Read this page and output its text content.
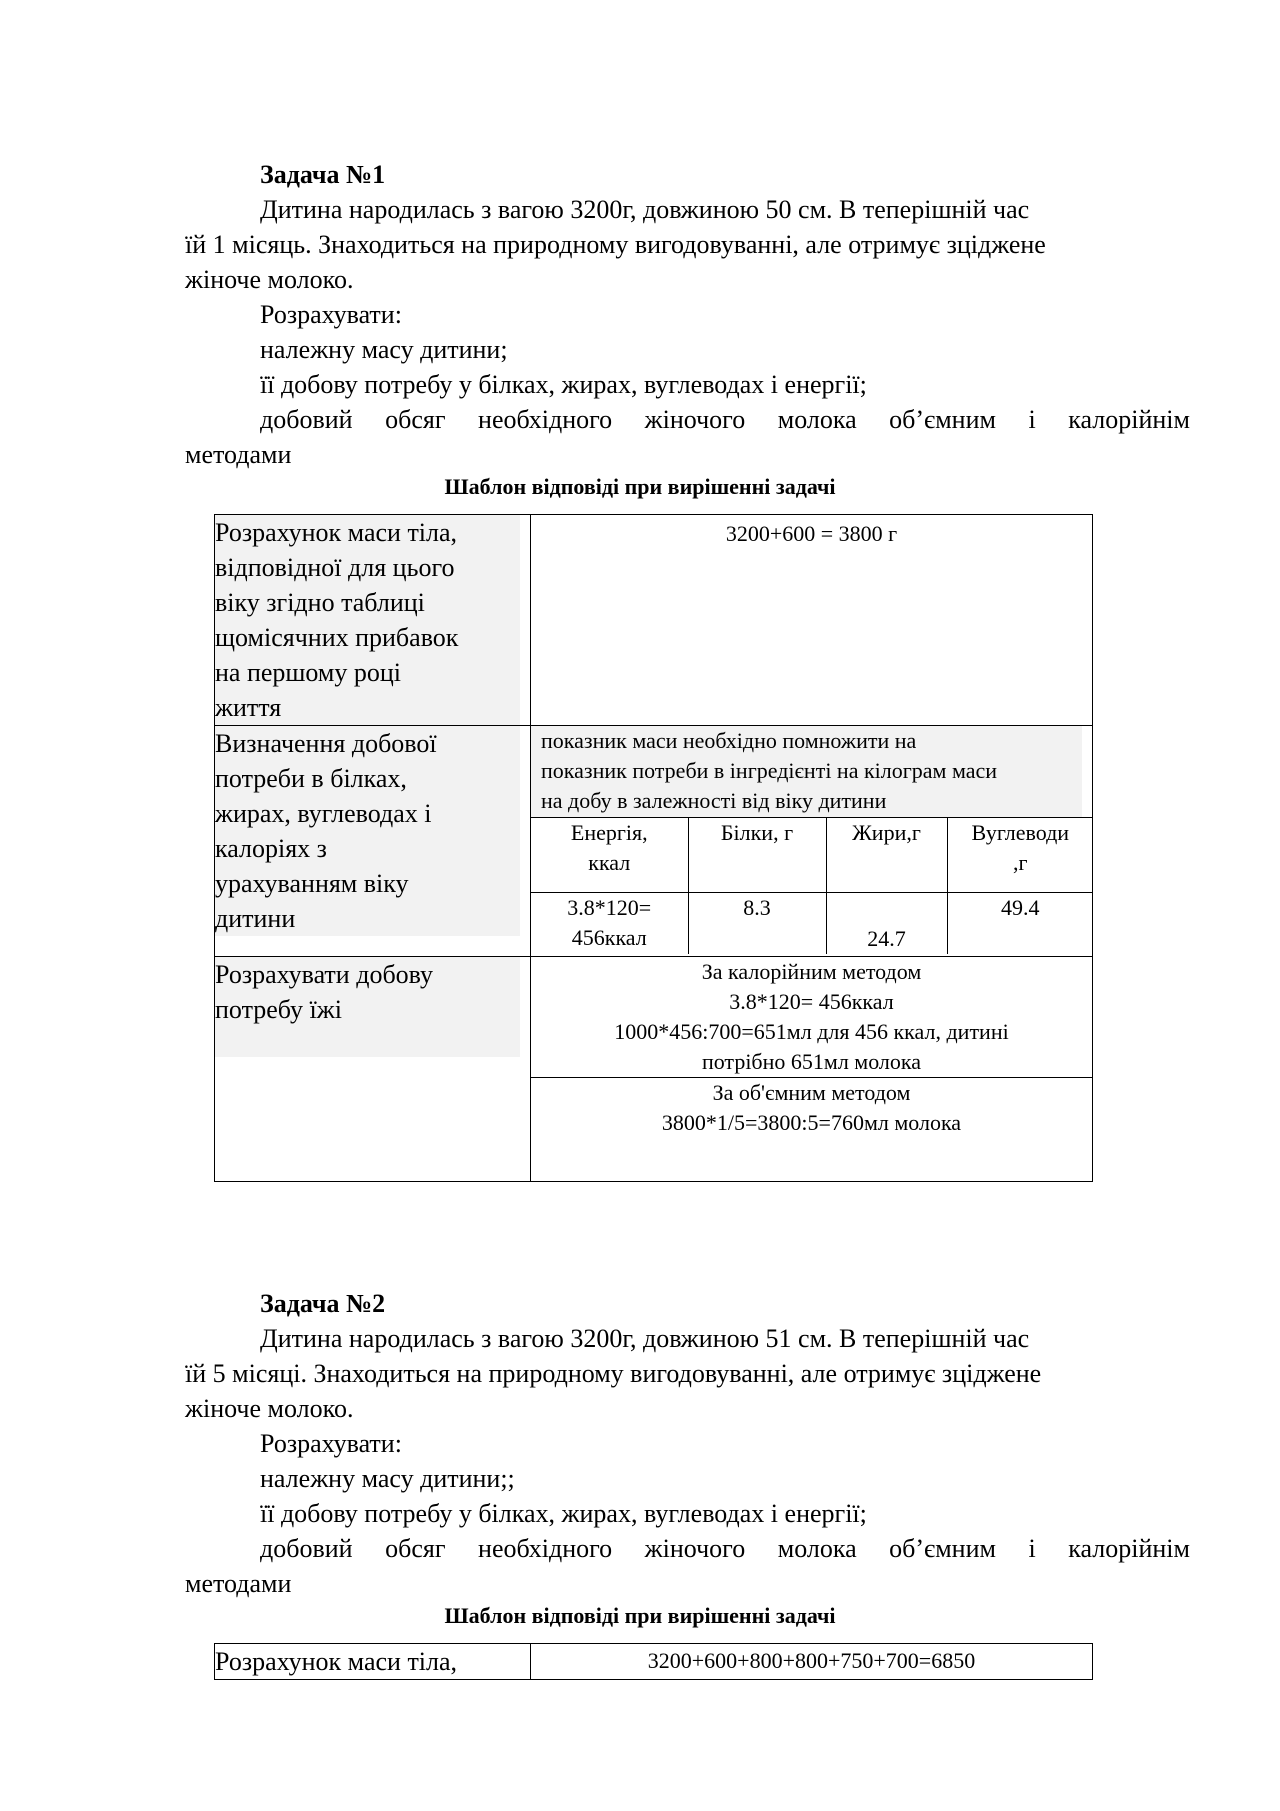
Задача №1
Дитина народилась з вагою 3200г, довжиною 50 см. В теперішній час
їй 1 місяць. Знаходиться на природному вигодовуванні, але отримує зціджене
жіноче молоко.
Розрахувати:
належну масу дитини;
її добову потребу у білках, жирах, вуглеводах і енергії;
добовий обсяг необхідного жіночого молока об’ємним і калорійнім
методами
Шаблон відповіді при вирішенні задачі
Розрахунок маси тіла,
відповідної для цього
віку згідно таблиці
щомісячних прибавок
на першому році
життя
	3200+600 = 3800 г

Визначення добової
потреби в білках,
жирах, вуглеводах і
калоріях з
урахуванням віку
дитини

показник маси необхідно помножити на
показник потреби в інгредієнті на кілограм маси
на добу в залежності від віку дитини
Енергія,
ккал	Білки, г	Жири,г	Вуглеводи
,г
3.8*120=
456ккал	8.3	24.7	49.4

Розрахувати добову
потребу їжі
	За калорійним методом
3.8*120= 456ккал
1000*456:700=651мл для 456 ккал, дитині
потрібно 651мл молока
За об'ємним методом
3800*1/5=3800:5=760мл молока
Задача №2
Дитина народилась з вагою 3200г, довжиною 51 см. В теперішній час
їй 5 місяці. Знаходиться на природному вигодовуванні, але отримує зціджене
жіноче молоко.
Розрахувати:
належну масу дитини;;
її добову потребу у білках, жирах, вуглеводах і енергії;
добовий обсяг необхідного жіночого молока об’ємним і калорійнім
методами
Шаблон відповіді при вирішенні задачі
Розрахунок маси тіла,	3200+600+800+800+750+700=6850
